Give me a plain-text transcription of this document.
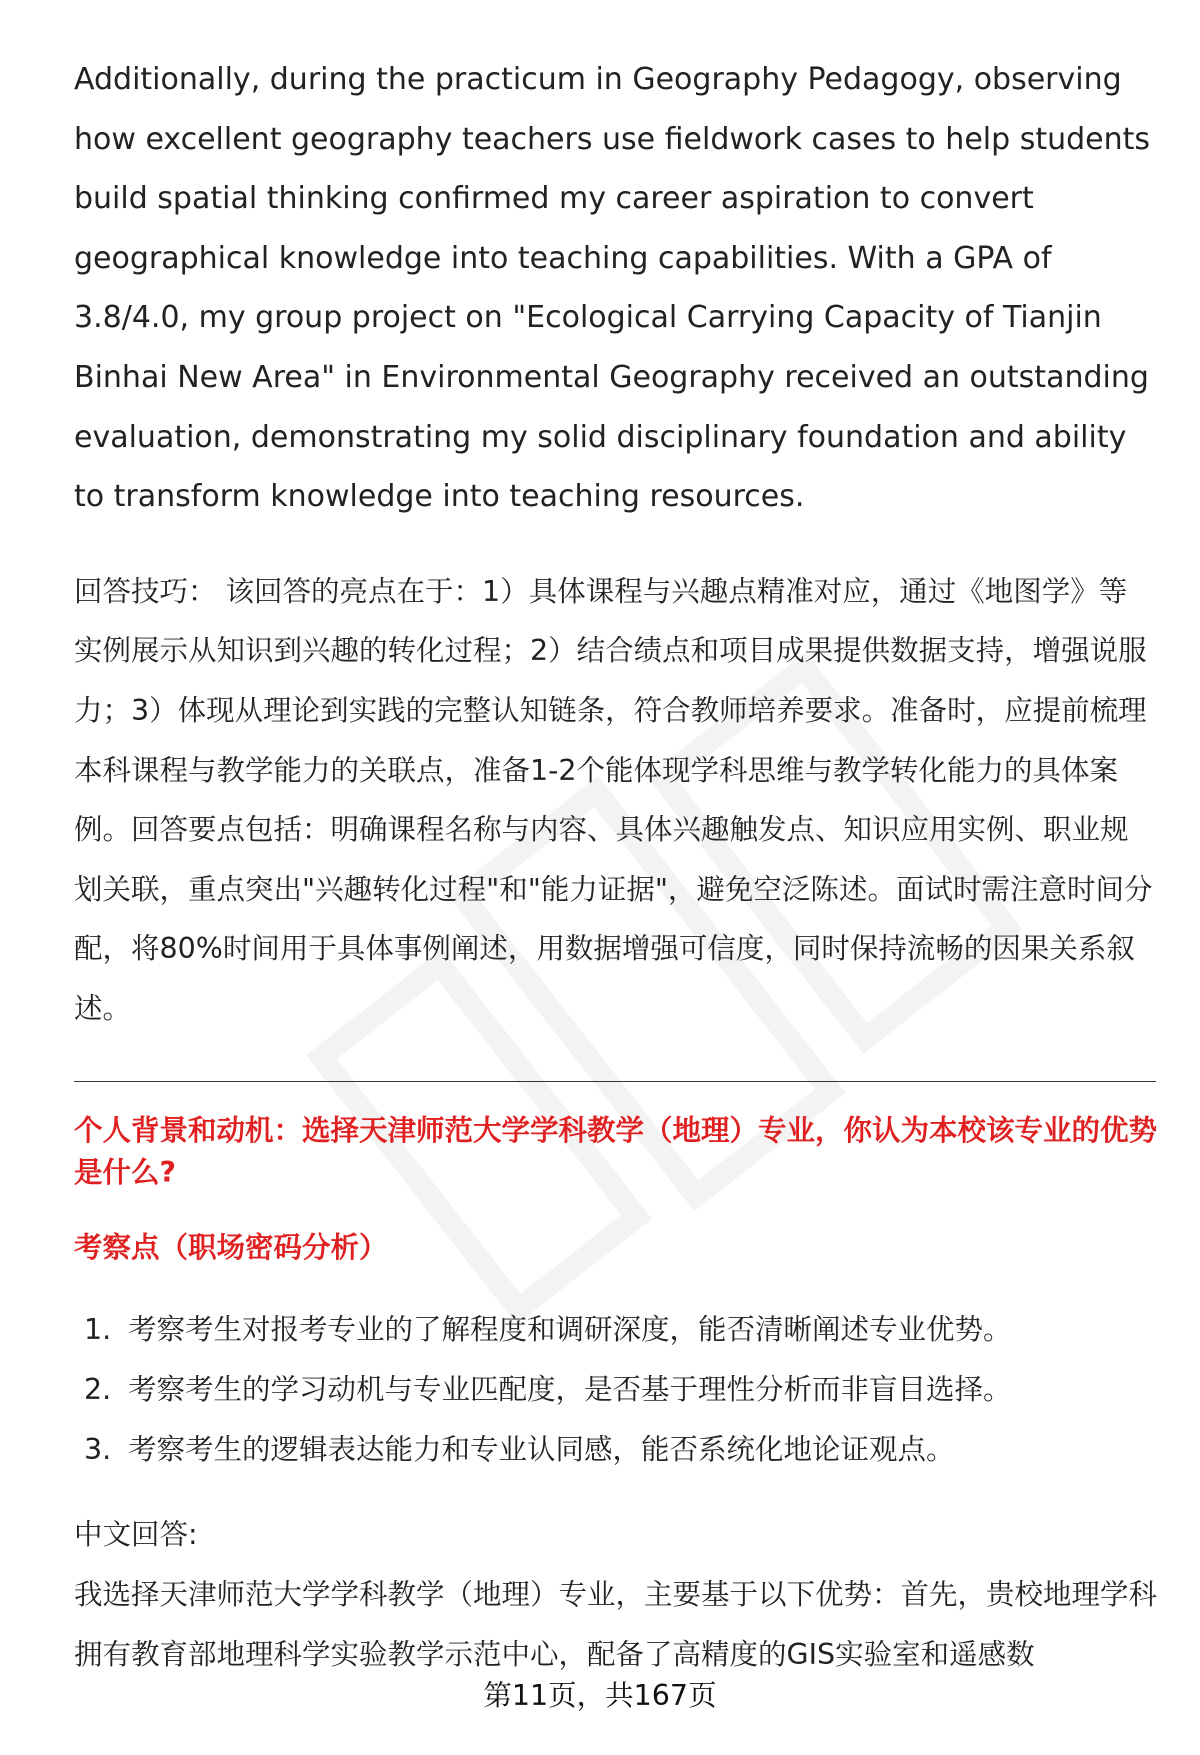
Additionally, during the practicum in Geography Pedagogy, observing how excellent geography teachers use fieldwork cases to help students build spatial thinking confirmed my career aspiration to convert geographical knowledge into teaching capabilities. With a GPA of 3.8/4.0, my group project on "Ecological Carrying Capacity of Tianjin Binhai New Area" in Environmental Geography received an outstanding evaluation, demonstrating my solid disciplinary foundation and ability to transform knowledge into teaching resources.

回答技巧： 该回答的亮点在于：1）具体课程与兴趣点精准对应，通过《地图学》等实例展示从知识到兴趣的转化过程；2）结合绩点和项目成果提供数据支持，增强说服力；3）体现从理论到实践的完整认知链条，符合教师培养要求。准备时，应提前梳理本科课程与教学能力的关联点，准备1-2个能体现学科思维与教学转化能力的具体案例。回答要点包括：明确课程名称与内容、具体兴趣触发点、知识应用实例、职业规划关联，重点突出"兴趣转化过程"和"能力证据"，避免空泛陈述。面试时需注意时间分配，将80%时间用于具体事例阐述，用数据增强可信度，同时保持流畅的因果关系叙述。

个人背景和动机：选择天津师范大学学科教学（地理）专业，你认为本校该专业的优势是什么?

考察点（职场密码分析）

1. 考察考生对报考专业的了解程度和调研深度，能否清晰阐述专业优势。
2. 考察考生的学习动机与专业匹配度，是否基于理性分析而非盲目选择。
3. 考察考生的逻辑表达能力和专业认同感，能否系统化地论证观点。

中文回答:

我选择天津师范大学学科教学（地理）专业，主要基于以下优势：首先，贵校地理学科拥有教育部地理科学实验教学示范中心，配备了高精度的GIS实验室和遥感数

第11页，共167页
